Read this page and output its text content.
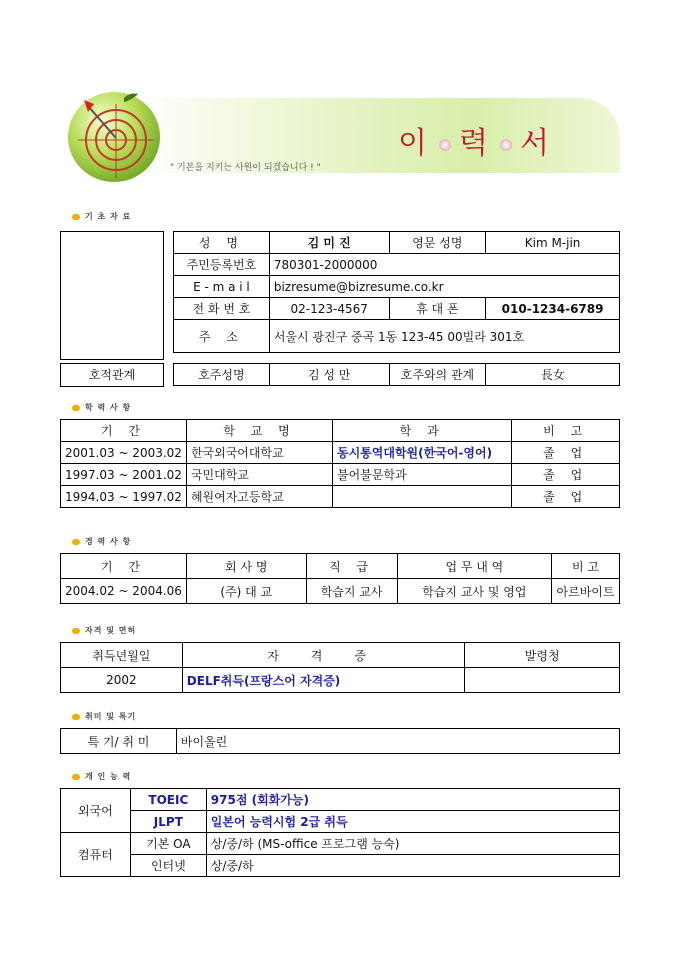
" 기본을 지키는 사원이 되겠습니다 ! "
이 력 서
기 초 자 료
성 명	김 미 진	영문 성명	Kim M-jin
주민등록번호	780301-2000000		
E - m a i l	bizresume@bizresume.co.kr		
전 화 번 호	02-123-4567	휴 대 폰	010-1234-6789
주 소	서울시 광진구 중곡 1동 123-45 00빌라 301호		
호적관계	호주성명	김 성 만	호주와의 관계	長女
학 력 사 항
기 간	학 교 명	학 과	비 고
2001.03 ~ 2003.02	한국외국어대학교	동시통역대학원(한국어-영어)	졸 업
1997.03 ~ 2001.02	국민대학교	불어불문학과	졸 업
1994.03 ~ 1997.02	혜원여자고등학교		졸 업
경 력 사 항
기 간	회 사 명	직 급	업 무 내 역	비 고
2004.02 ~ 2004.06	(주) 대 교	학습지 교사	학습지 교사 및 영업	아르바이트
자격 및 면허
취득년월일	자 격 증	발령청
2002	DELF취득(프랑스어 자격증)	
취미 및 특기
특 기/ 취 미	바이올린
개 인 능 력
외국어	TOEIC	975점 (회화가능)
	JLPT	일본어 능력시험 2급 취득
컴퓨터	기본 OA	상/중/하 (MS-office 프로그램 능숙)
	인터넷	상/중/하
